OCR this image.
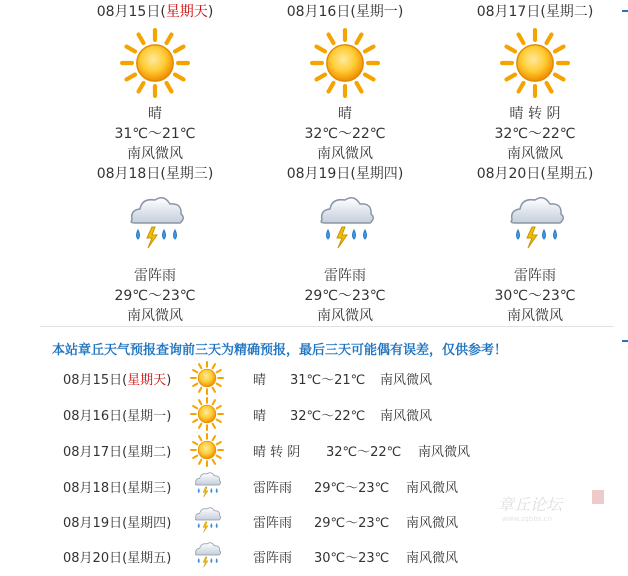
08月15日(星期天)
晴
31℃～21℃
南风微风
08月16日(星期一)
晴
32℃～22℃
南风微风
08月17日(星期二)
晴 转 阴
32℃～22℃
南风微风
08月18日(星期三)
雷阵雨
29℃～23℃
南风微风
08月19日(星期四)
雷阵雨
29℃～23℃
南风微风
08月20日(星期五)
雷阵雨
30℃～23℃
南风微风
本站章丘天气预报查询前三天为精确预报，最后三天可能偶有误差，仅供参考！
08月15日(星期天)	晴 31℃～21℃ 南风微风
08月16日(星期一)	晴 32℃～22℃ 南风微风
08月17日(星期二)	晴 转 阴 32℃～22℃ 南风微风
08月18日(星期三)	雷阵雨 29℃～23℃ 南风微风
08月19日(星期四)	雷阵雨 29℃～23℃ 南风微风
08月20日(星期五)	雷阵雨 30℃～23℃ 南风微风
章丘论坛
www.zqbbs.cn
